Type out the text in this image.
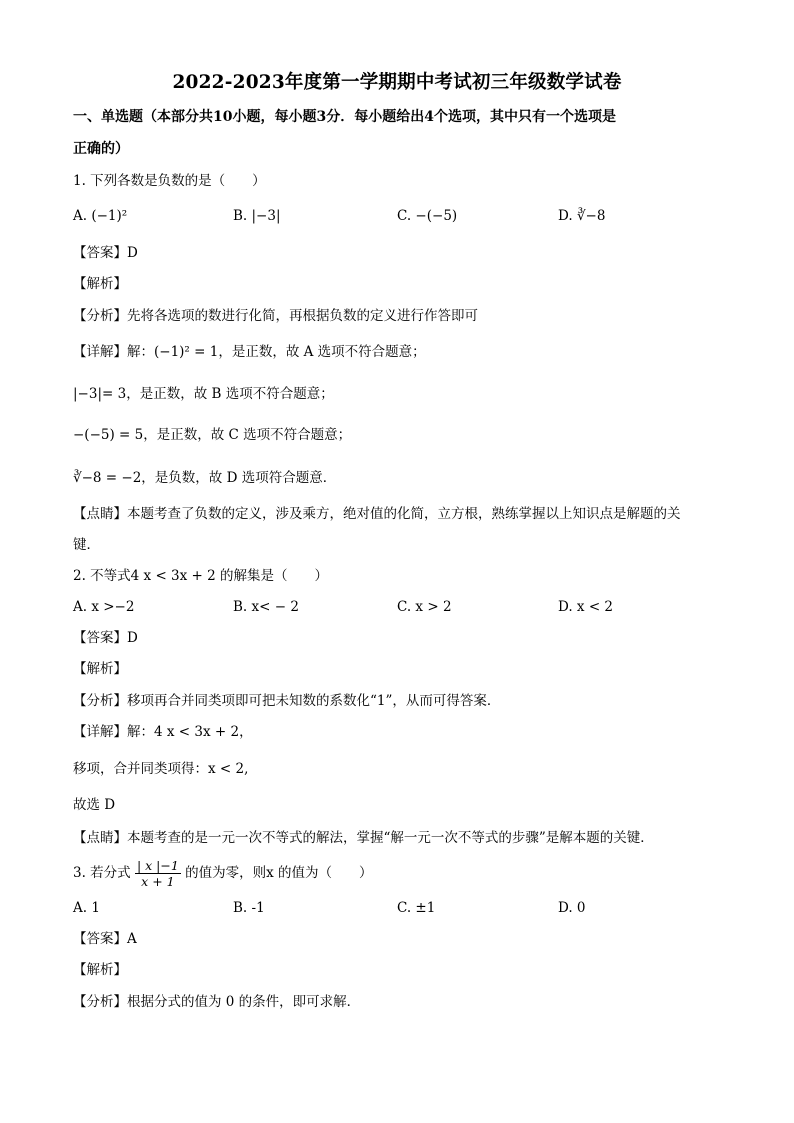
2022-2023年度第一学期期中考试初三年级数学试卷
一、单选题（本部分共10小题，每小题3分．每小题给出4个选项，其中只有一个选项是
正确的）
1. 下列各数是负数的是（　　）
A. (−1)²	B. |−3|	C. −(−5)	D. ∛−8
【答案】D
【解析】
【分析】先将各选项的数进行化简，再根据负数的定义进行作答即可
【详解】解：(−1)² = 1，是正数，故 A 选项不符合题意；
|−3|= 3，是正数，故 B 选项不符合题意；
−(−5) = 5，是正数，故 C 选项不符合题意；
∛−8 = −2，是负数，故 D 选项符合题意．
【点睛】本题考查了负数的定义，涉及乘方，绝对值的化简，立方根，熟练掌握以上知识点是解题的关
键．
2. 不等式4 x < 3x + 2 的解集是（　　）
A. x >−2	B. x< − 2	C. x > 2	D. x < 2
【答案】D
【解析】
【分析】移项再合并同类项即可把未知数的系数化“1”，从而可得答案．
【详解】解：4 x < 3x + 2，
移项，合并同类项得：x < 2,
故选 D
【点睛】本题考查的是一元一次不等式的解法，掌握“解一元一次不等式的步骤”是解本题的关键．
3. 若分式 $\frac{| x |-1}{x + 1}$ 的值为零，则x 的值为（　　）
A. 1	B. -1	C. ±1	D. 0
【答案】A
【解析】
【分析】根据分式的值为 0 的条件，即可求解．
